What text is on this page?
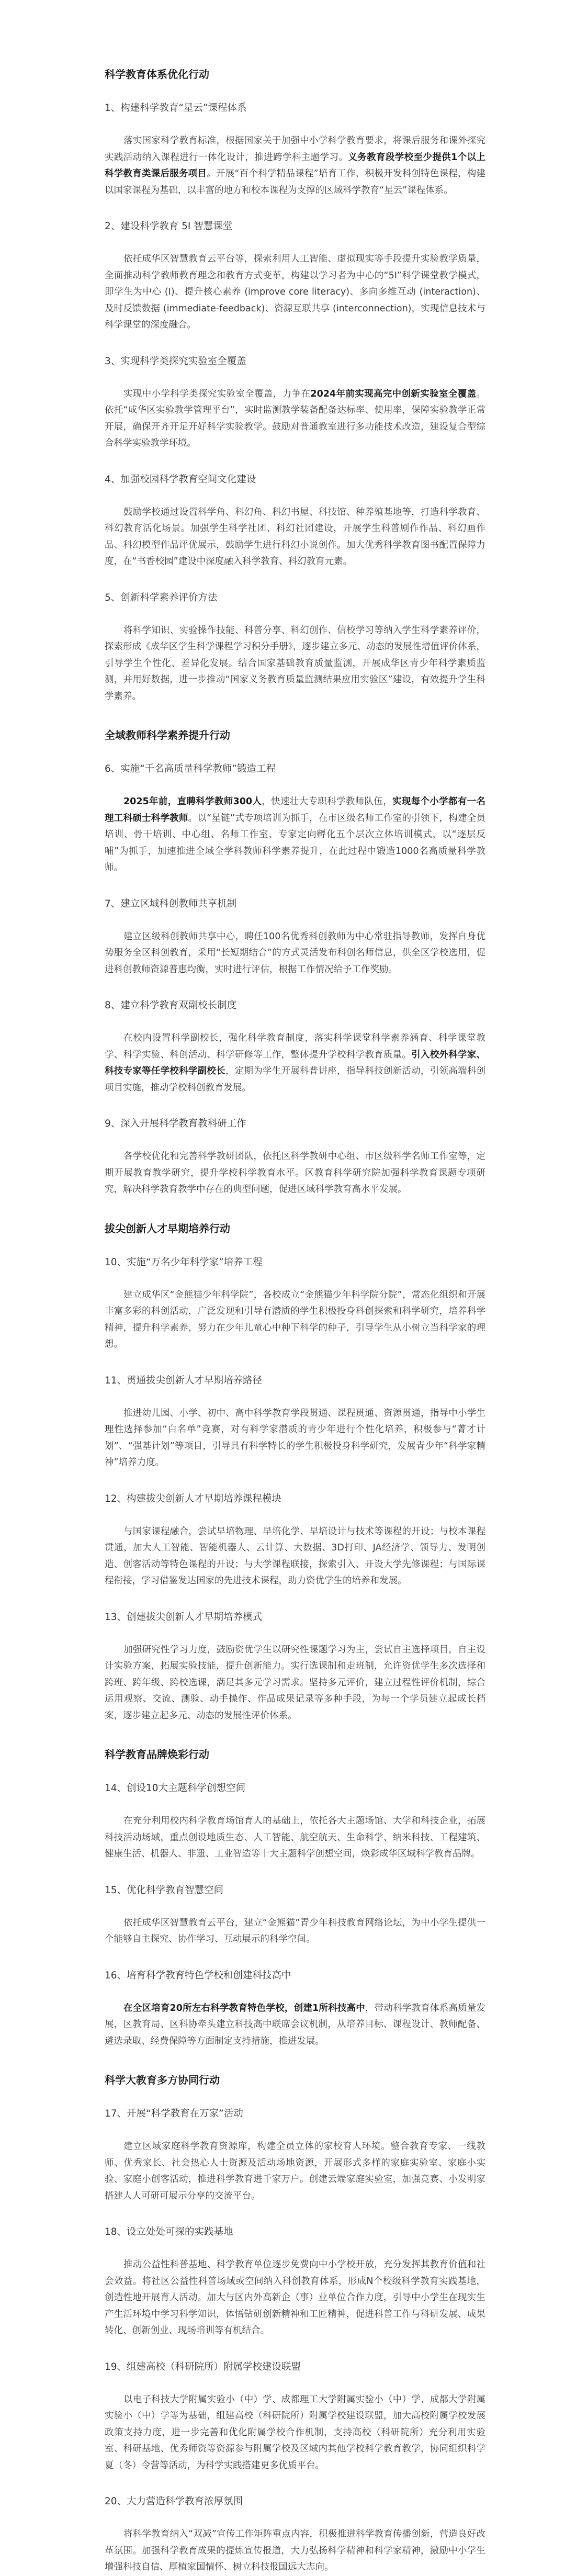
科学教育体系优化行动
1、构建科学教育“星云”课程体系
落实国家科学教育标准，根据国家关于加强中小学科学教育要求，将课后服务和课外探究实践活动纳入课程进行一体化设计，推进跨学科主题学习。义务教育段学校至少提供1个以上科学教育类课后服务项目。开展“百个科学精品课程”培育工作，积极开发科创特色课程，构建以国家课程为基础，以丰富的地方和校本课程为支撑的区域科学教育“星云”课程体系。
2、建设科学教育 5I 智慧课堂
依托成华区智慧教育云平台等，探索利用人工智能、虚拟现实等手段提升实验教学质量，全面推动科学教师教育理念和教育方式变革，构建以学习者为中心的“5I”科学课堂教学模式，即学生为中心 (I)、提升核心素养 (improve core literacy)、多向多维互动 (interaction)、及时反馈数据 (immediate-feedback)、资源互联共享 (interconnection)，实现信息技术与科学课堂的深度融合。
3、实现科学类探究实验室全覆盖
实现中小学科学类探究实验室全覆盖，力争在2024年前实现高完中创新实验室全覆盖。依托“成华区实验教学管理平台”，实时监测教学装备配备达标率、使用率，保障实验教学正常开展，确保开齐开足开好科学实验教学。鼓励对普通教室进行多功能技术改造，建设复合型综合科学实验教学环境。
4、加强校园科学教育空间文化建设
鼓励学校通过设置科学角、科幻角、科幻书屋、科技馆、种养殖基地等，打造科学教育、科幻教育活化场景。加强学生科学社团、科幻社团建设，开展学生科普剧作作品、科幻画作品、科幻模型作品评优展示，鼓励学生进行科幻小说创作。加大优秀科学教育图书配置保障力度，在“书香校园”建设中深度融入科学教育、科幻教育元素。
5、创新科学素养评价方法
将科学知识、实验操作技能、科普分享、科幻创作、信校学习等纳入学生科学素养评价，探索形成《成华区学生科学课程学习积分手册》，逐步建立多元、动态的发展性增值评价体系，引导学生个性化、差异化发展。结合国家基础教育质量监测，开展成华区青少年科学素质监测，并用好数据，进一步推动“国家义务教育质量监测结果应用实验区”建设，有效提升学生科学素养。
全域教师科学素养提升行动
6、实施“千名高质量科学教师”锻造工程
2025年前，直聘科学教师300人，快速壮大专职科学教师队伍，实现每个小学都有一名理工科硕士科学教师。以“星链”式专项培训为抓手，在市区级名师工作室的引领下，构建全员培训、骨干培训、中心组、名师工作室、专家定向孵化五个层次立体培训模式，以“逐层反哺”为抓手，加速推进全域全学科教师科学素养提升，在此过程中锻造1000名高质量科学教师。
7、建立区域科创教师共享机制
建立区级科创教师共享中心，聘任100名优秀科创教师为中心常驻指导教师，发挥自身优势服务全区科创教育，采用“长短期结合”的方式灵活发布科创名师信息，供全区学校选用，促进科创教师资源普惠均衡，实时进行评估，根据工作情况给予工作奖励。
8、建立科学教育双副校长制度
在校内设置科学副校长，强化科学教育制度，落实科学课堂科学素养涵育、科学课堂教学、科学实验、科创活动、科学研修等工作，整体提升学校科学教育质量。引入校外科学家、科技专家等任学校科学副校长，定期为学生开展科普讲座，指导科技创新活动，引领高端科创项目实施，推动学校科创教育发展。
9、深入开展科学教育教科研工作
各学校优化和完善科学教研团队，依托区科学教研中心组、市区级科学名师工作室等，定期开展教育教学研究，提升学校科学教育水平。区教育科学研究院加强科学教育课题专项研究，解决科学教育教学中存在的典型问题，促进区域科学教育高水平发展。
拔尖创新人才早期培养行动
10、实施“万名少年科学家”培养工程
建立成华区“金熊猫少年科学院”，各校成立“金熊猫少年科学院分院”，常态化组织和开展丰富多彩的科创活动，广泛发现和引导有潜质的学生积极投身科创探索和科学研究，培养科学精神，提升科学素养，努力在少年儿童心中种下科学的种子，引导学生从小树立当科学家的理想。
11、贯通拔尖创新人才早期培养路径
推进幼儿园、小学、初中、高中科学教育学段贯通、课程贯通、资源贯通，指导中小学生理性选择参加“白名单”竞赛，对有科学家潜质的青少年进行个性化培养，积极参与“菁才计划”、“强基计划”等项目，引导具有科学特长的学生积极投身科学研究，发展青少年“科学家精神”培养力度。
12、构建拔尖创新人才早期培养课程模块
与国家课程融合，尝试早培物理、早培化学、早培设计与技术等课程的开设；与校本课程贯通，加大人工智能、智能机器人、云计算、大数据、3D打印、JA经济学、领导力、发明创造、创客活动等特色课程的开设；与大学课程联接，探索引入、开设大学先修课程；与国际课程衔接，学习借鉴发达国家的先进技术课程，助力资优学生的培养和发展。
13、创建拔尖创新人才早期培养模式
加强研究性学习力度，鼓励资优学生以研究性课题学习为主，尝试自主选择项目，自主设计实验方案，拓展实验技能，提升创新能力。实行选课制和走班制，允许资优学生多次选择和跨班、跨年级、跨校选课，满足其多元学习需求。坚持多元评价，建立过程性评价机制，综合运用观察、交流、测验、动手操作、作品成果记录等多种手段，为每一个学员建立起成长档案，逐步建立起多元、动态的发展性评价体系。
科学教育品牌焕彩行动
14、创设10大主题科学创想空间
在充分利用校内科学教育场馆育人的基础上，依托各大主题场馆、大学和科技企业，拓展科技活动场域，重点创设地质生态、人工智能、航空航天、生命科学、纳米科技、工程建筑、健康生活、机器人、非遗、工业智造等十大主题科学创想空间，焕彩成华区域科学教育品牌。
15、优化科学教育智慧空间
依托成华区智慧教育云平台，建立“金熊猫”青少年科技教育网络论坛，为中小学生提供一个能够自主探究、协作学习、互动展示的科学空间。
16、培育科学教育特色学校和创建科技高中
在全区培育20所左右科学教育特色学校，创建1所科技高中，带动科学教育体系高质量发展，区教育局、区科协牵头建立科技高中联席会议机制，从培养目标、课程设计、教师配备、遴选录取、经费保障等方面制定支持措施，推进发展。
科学大教育多方协同行动
17、开展“科学教育在万家”活动
建立区域家庭科学教育资源库，构建全员立体的家校育人环境。整合教育专家、一线教师、优秀家长、社会热心人士资源及活动场地资源，开展形式多样的家庭实验室、家庭小实验、家庭小创客活动，推进科学教育进千家万户。创建云端家庭实验室，加强竞赛、小发明家搭建人人可研可展示分享的交流平台。
18、设立处处可探的实践基地
推动公益性科普基地、科学教育单位逐步免费向中小学校开放，充分发挥其教育价值和社会效益。将社区公益性科普场域或空间纳入科创教育体系，形成N个校级科学教育实践基地，创造性地开展育人活动。加大与区内外高新企（事）业单位合作力度，引导中小学生在现实生产生活环境中学习科学知识，体悟钻研创新精神和工匠精神，促进科普工作与科研发展、成果转化、创新创业、现场培训等有机结合。
19、组建高校（科研院所）附属学校建设联盟
以电子科技大学附属实验小（中）学、成都理工大学附属实验小（中）学、成都大学附属实验小（中）学等为基础，组建高校（科研院所）附属学校建设联盟，加大高校附属学校发展政策支持力度，进一步完善和优化附属学校合作机制，支持高校（科研院所）充分利用实验室、科研基地、优秀师资等资源参与附属学校及区域内其他学校科学教育教学，协同组织科学夏（冬）令营等活动，为科学实践搭建更多优质平台。
20、大力营造科学教育浓厚氛围
将科学教育纳入“双减”宣传工作矩阵重点内容，积极推进科学教育传播创新，营造良好改革氛围。加强科学教育成果的提炼宣传报道，大力弘扬科学精神和科学家精神，激励中小学生增强科技自信、厚植家国情怀、树立科技报国远大志向。
